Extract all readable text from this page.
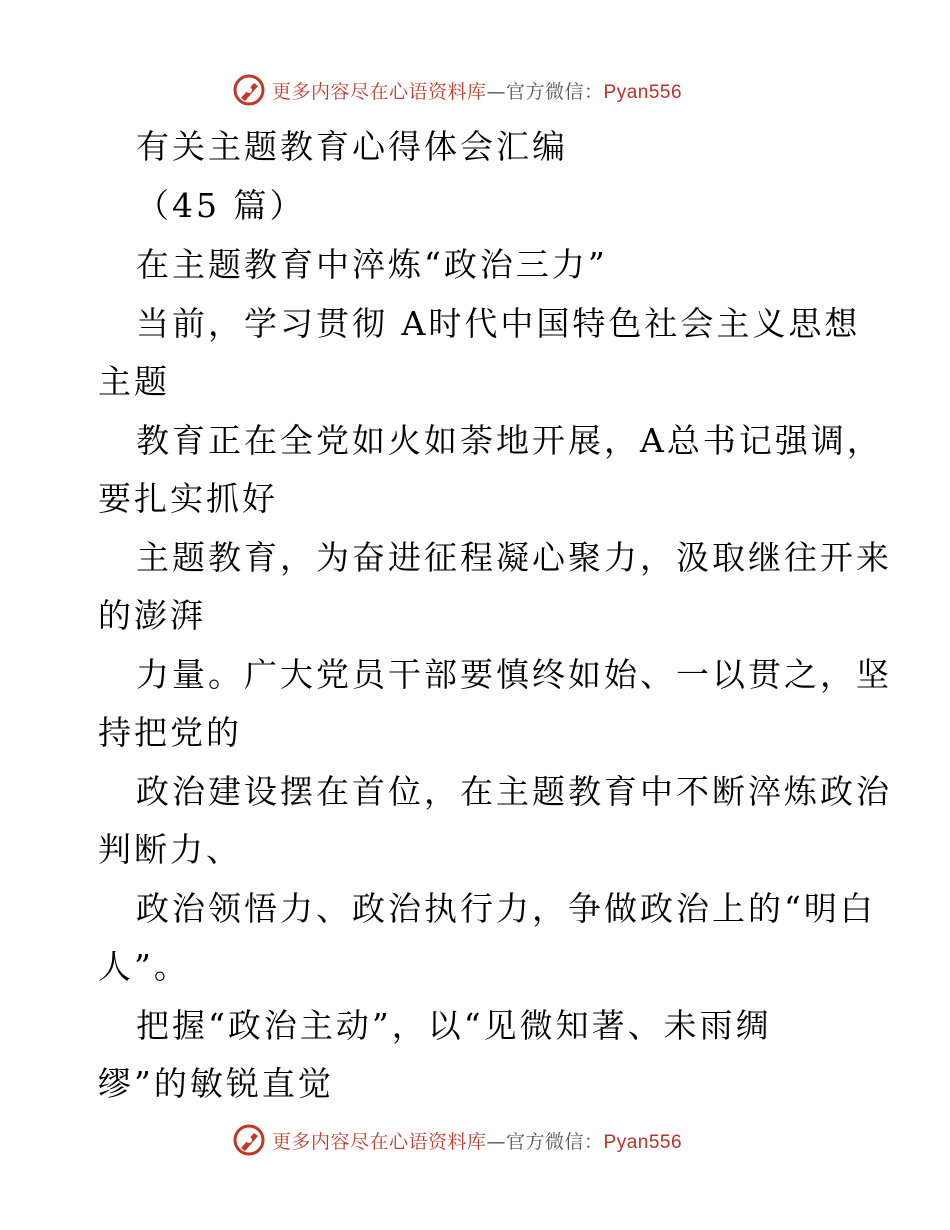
更多内容尽在心语资料库—官方微信：Pyan556
有关主题教育心得体会汇编
（45 篇）
在主题教育中淬炼“政治三力”
当前，学习贯彻 A时代中国特色社会主义思想
主题
教育正在全党如火如荼地开展，A总书记强调，
要扎实抓好
主题教育，为奋进征程凝心聚力，汲取继往开来
的澎湃
力量。广大党员干部要慎终如始、一以贯之，坚
持把党的
政治建设摆在首位，在主题教育中不断淬炼政治
判断力、
政治领悟力、政治执行力，争做政治上的“明白
人”。
把握“政治主动”，以“见微知著、未雨绸
缪”的敏锐直觉
更多内容尽在心语资料库—官方微信：Pyan556
